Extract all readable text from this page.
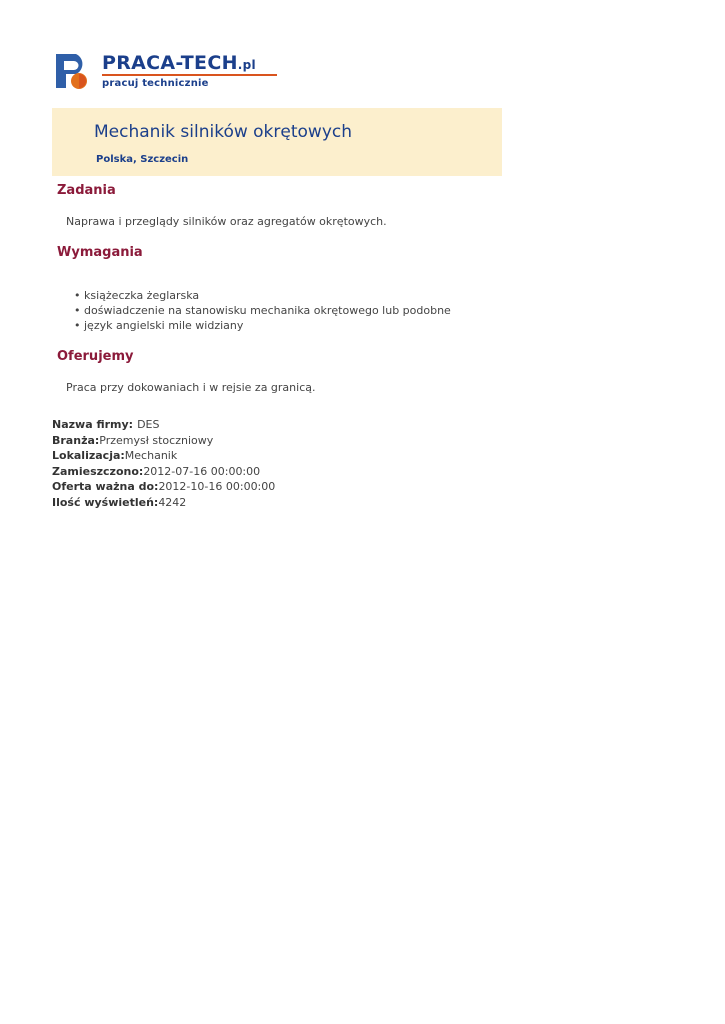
PRACA-TECH.pl
pracuj technicznie
Mechanik silników okrętowych
Polska, Szczecin
Zadania
Naprawa i przeglądy silników oraz agregatów okrętowych.
Wymagania
• książeczka żeglarska
• doświadczenie na stanowisku mechanika okrętowego lub podobne
• język angielski mile widziany
Oferujemy
Praca przy dokowaniach i w rejsie za granicą.
Nazwa firmy: DES
Branża:Przemysł stoczniowy
Lokalizacja:Mechanik
Zamieszczono:2012-07-16 00:00:00
Oferta ważna do:2012-10-16 00:00:00
Ilość wyświetleń:4242
